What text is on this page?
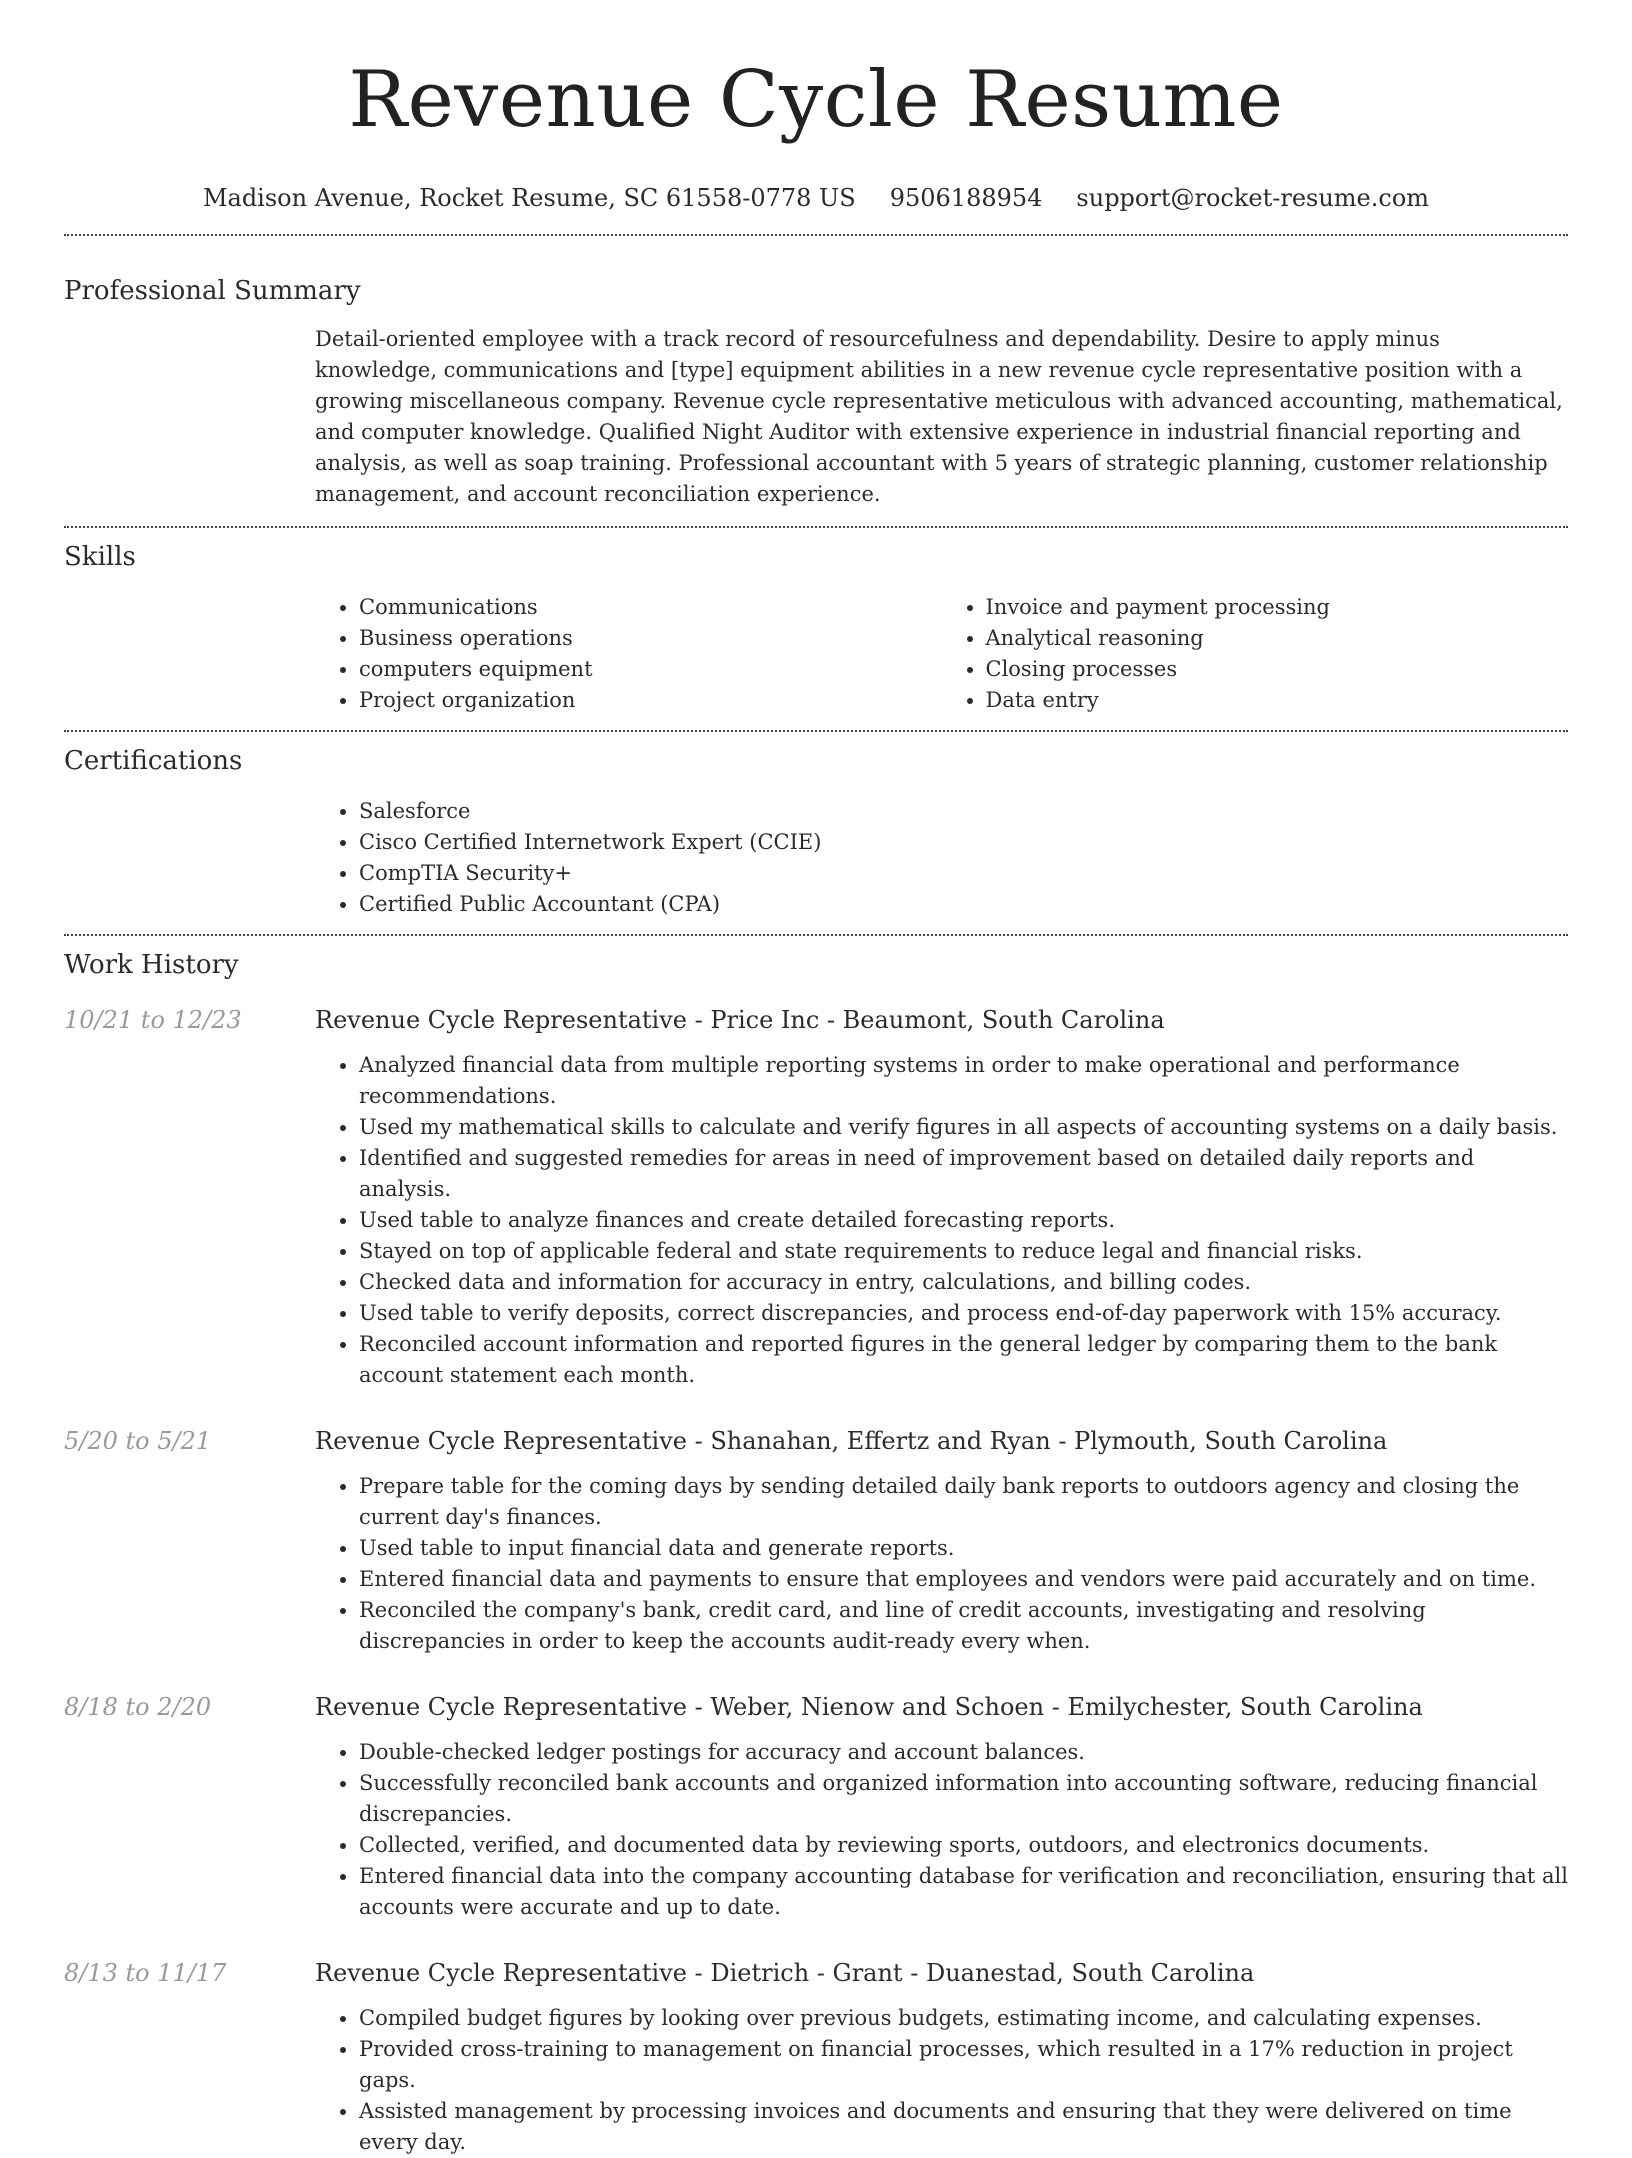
Revenue Cycle Resume
Madison Avenue, Rocket Resume, SC 61558-0778 US 9506188954 support@rocket-resume.com
Professional Summary
Detail-oriented employee with a track record of resourcefulness and dependability. Desire to apply minus knowledge, communications and [type] equipment abilities in a new revenue cycle representative position with a growing miscellaneous company. Revenue cycle representative meticulous with advanced accounting, mathematical, and computer knowledge. Qualified Night Auditor with extensive experience in industrial financial reporting and analysis, as well as soap training. Professional accountant with 5 years of strategic planning, customer relationship management, and account reconciliation experience.
Skills
• Communications
• Business operations
• computers equipment
• Project organization
• Invoice and payment processing
• Analytical reasoning
• Closing processes
• Data entry
Certifications
• Salesforce
• Cisco Certified Internetwork Expert (CCIE)
• CompTIA Security+
• Certified Public Accountant (CPA)
Work History
10/21 to 12/23	Revenue Cycle Representative - Price Inc - Beaumont, South Carolina
• Analyzed financial data from multiple reporting systems in order to make operational and performance recommendations.
• Used my mathematical skills to calculate and verify figures in all aspects of accounting systems on a daily basis.
• Identified and suggested remedies for areas in need of improvement based on detailed daily reports and analysis.
• Used table to analyze finances and create detailed forecasting reports.
• Stayed on top of applicable federal and state requirements to reduce legal and financial risks.
• Checked data and information for accuracy in entry, calculations, and billing codes.
• Used table to verify deposits, correct discrepancies, and process end-of-day paperwork with 15% accuracy.
• Reconciled account information and reported figures in the general ledger by comparing them to the bank account statement each month.
5/20 to 5/21	Revenue Cycle Representative - Shanahan, Effertz and Ryan - Plymouth, South Carolina
• Prepare table for the coming days by sending detailed daily bank reports to outdoors agency and closing the current day's finances.
• Used table to input financial data and generate reports.
• Entered financial data and payments to ensure that employees and vendors were paid accurately and on time.
• Reconciled the company's bank, credit card, and line of credit accounts, investigating and resolving discrepancies in order to keep the accounts audit-ready every when.
8/18 to 2/20	Revenue Cycle Representative - Weber, Nienow and Schoen - Emilychester, South Carolina
• Double-checked ledger postings for accuracy and account balances.
• Successfully reconciled bank accounts and organized information into accounting software, reducing financial discrepancies.
• Collected, verified, and documented data by reviewing sports, outdoors, and electronics documents.
• Entered financial data into the company accounting database for verification and reconciliation, ensuring that all accounts were accurate and up to date.
8/13 to 11/17	Revenue Cycle Representative - Dietrich - Grant - Duanestad, South Carolina
• Compiled budget figures by looking over previous budgets, estimating income, and calculating expenses.
• Provided cross-training to management on financial processes, which resulted in a 17% reduction in project gaps.
• Assisted management by processing invoices and documents and ensuring that they were delivered on time every day.
